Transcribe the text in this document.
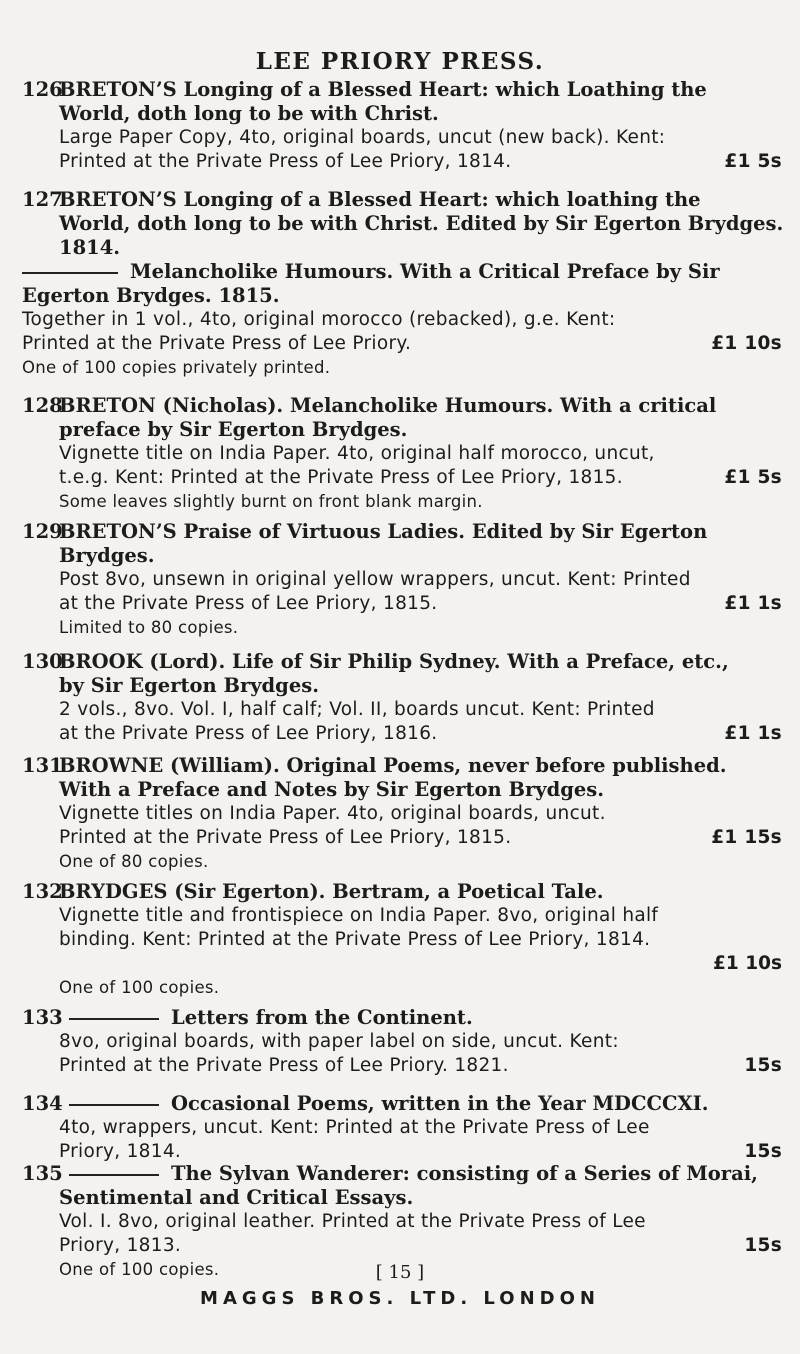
LEE PRIORY PRESS.
126BRETON’S Longing of a Blessed Heart: which Loathing the
World, doth long to be with Christ.
Large Paper Copy, 4to, original boards, uncut (new back). Kent:
Printed at the Private Press of Lee Priory, 1814.	£1 5s
127BRETON’S Longing of a Blessed Heart: which loathing the
World, doth long to be with Christ. Edited by Sir Egerton Brydges.
1814.
Melancholike Humours. With a Critical Preface by Sir
Egerton Brydges. 1815.
Together in 1 vol., 4to, original morocco (rebacked), g.e. Kent:
Printed at the Private Press of Lee Priory.	£1 10s
One of 100 copies privately printed.
128BRETON (Nicholas). Melancholike Humours. With a critical
preface by Sir Egerton Brydges.
Vignette title on India Paper. 4to, original half morocco, uncut,
t.e.g. Kent: Printed at the Private Press of Lee Priory, 1815.	£1 5s
Some leaves slightly burnt on front blank margin.
129BRETON’S Praise of Virtuous Ladies. Edited by Sir Egerton
Brydges.
Post 8vo, unsewn in original yellow wrappers, uncut. Kent: Printed
at the Private Press of Lee Priory, 1815.	£1 1s
Limited to 80 copies.
130BROOK (Lord). Life of Sir Philip Sydney. With a Preface, etc.,
by Sir Egerton Brydges.
2 vols., 8vo. Vol. I, half calf; Vol. II, boards uncut. Kent: Printed
at the Private Press of Lee Priory, 1816.	£1 1s
131BROWNE (William). Original Poems, never before published.
With a Preface and Notes by Sir Egerton Brydges.
Vignette titles on India Paper. 4to, original boards, uncut.
Printed at the Private Press of Lee Priory, 1815.	£1 15s
One of 80 copies.
132BRYDGES (Sir Egerton). Bertram, a Poetical Tale.
Vignette title and frontispiece on India Paper. 8vo, original half
binding. Kent: Printed at the Private Press of Lee Priory, 1814.
£1 10s
One of 100 copies.
133	Letters from the Continent.
8vo, original boards, with paper label on side, uncut. Kent:
Printed at the Private Press of Lee Priory. 1821.	15s
134	Occasional Poems, written in the Year MDCCCXI.
4to, wrappers, uncut. Kent: Printed at the Private Press of Lee
Priory, 1814.	15s
135	The Sylvan Wanderer: consisting of a Series of Morai,
Sentimental and Critical Essays.
Vol. I. 8vo, original leather. Printed at the Private Press of Lee
Priory, 1813.	15s
One of 100 copies.	[ 15 ]
MAGGS BROS. LTD. LONDON
